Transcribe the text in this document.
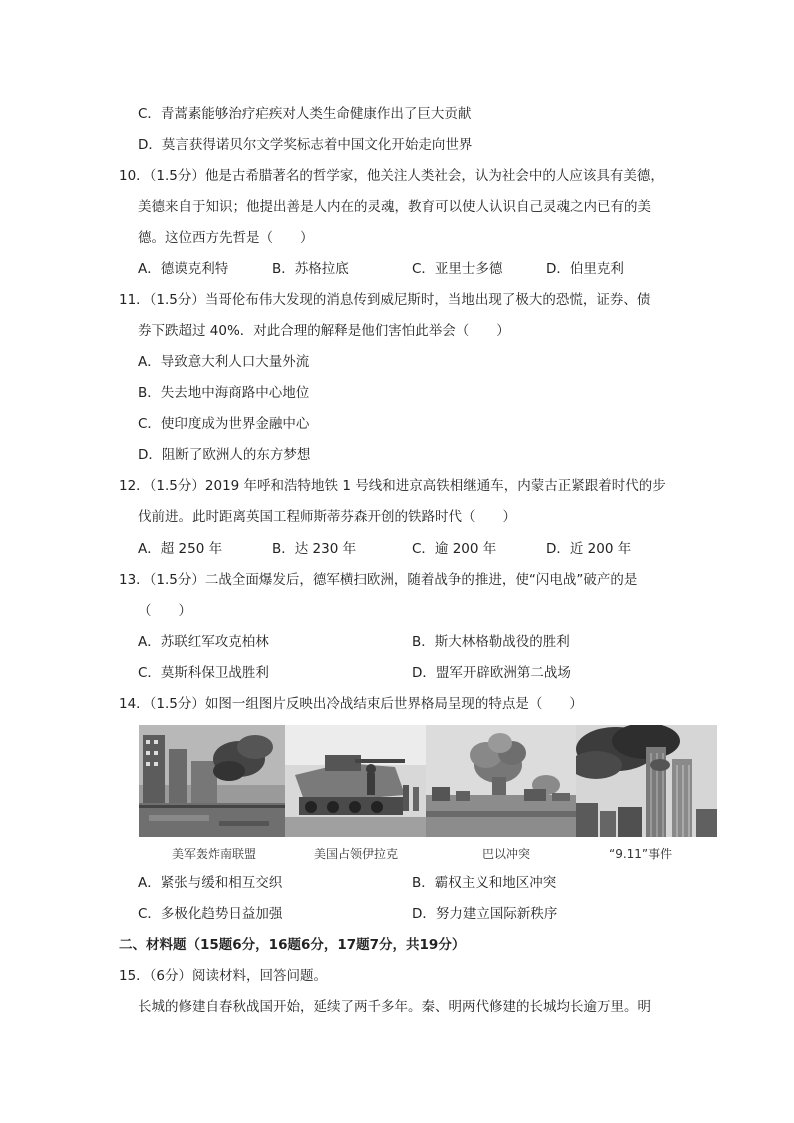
C．青蒿素能够治疗疟疾对人类生命健康作出了巨大贡献
D．莫言获得诺贝尔文学奖标志着中国文化开始走向世界
10．（1.5分）他是古希腊著名的哲学家，他关注人类社会，认为社会中的人应该具有美德，
美德来自于知识；他提出善是人内在的灵魂，教育可以使人认识自己灵魂之内已有的美
德。这位西方先哲是（　　）
A．德谟克利特	B．苏格拉底	C．亚里士多德	D．伯里克利
11．（1.5分）当哥伦布伟大发现的消息传到威尼斯时，当地出现了极大的恐慌，证券、债
券下跌超过 40%．对此合理的解释是他们害怕此举会（　　）
A．导致意大利人口大量外流
B．失去地中海商路中心地位
C．使印度成为世界金融中心
D．阻断了欧洲人的东方梦想
12．（1.5分）2019 年呼和浩特地铁 1 号线和进京高铁相继通车，内蒙古正紧跟着时代的步
伐前进。此时距离英国工程师斯蒂芬森开创的铁路时代（　　）
A．超 250 年	B．达 230 年	C．逾 200 年	D．近 200 年
13．（1.5分）二战全面爆发后，德军横扫欧洲，随着战争的推进，使“闪电战”破产的是
（　　）
A．苏联红军攻克柏林	B．斯大林格勒战役的胜利
C．莫斯科保卫战胜利	D．盟军开辟欧洲第二战场
14．（1.5分）如图一组图片反映出冷战结束后世界格局呈现的特点是（　　）
美军轰炸南联盟	美国占领伊拉克	巴以冲突	“9.11”事件
A．紧张与缓和相互交织	B．霸权主义和地区冲突
C．多极化趋势日益加强	D．努力建立国际新秩序
二、材料题（15题6分，16题6分，17题7分，共19分）
15．（6分）阅读材料，回答问题。
长城的修建自春秋战国开始，延续了两千多年。秦、明两代修建的长城均长逾万里。明
